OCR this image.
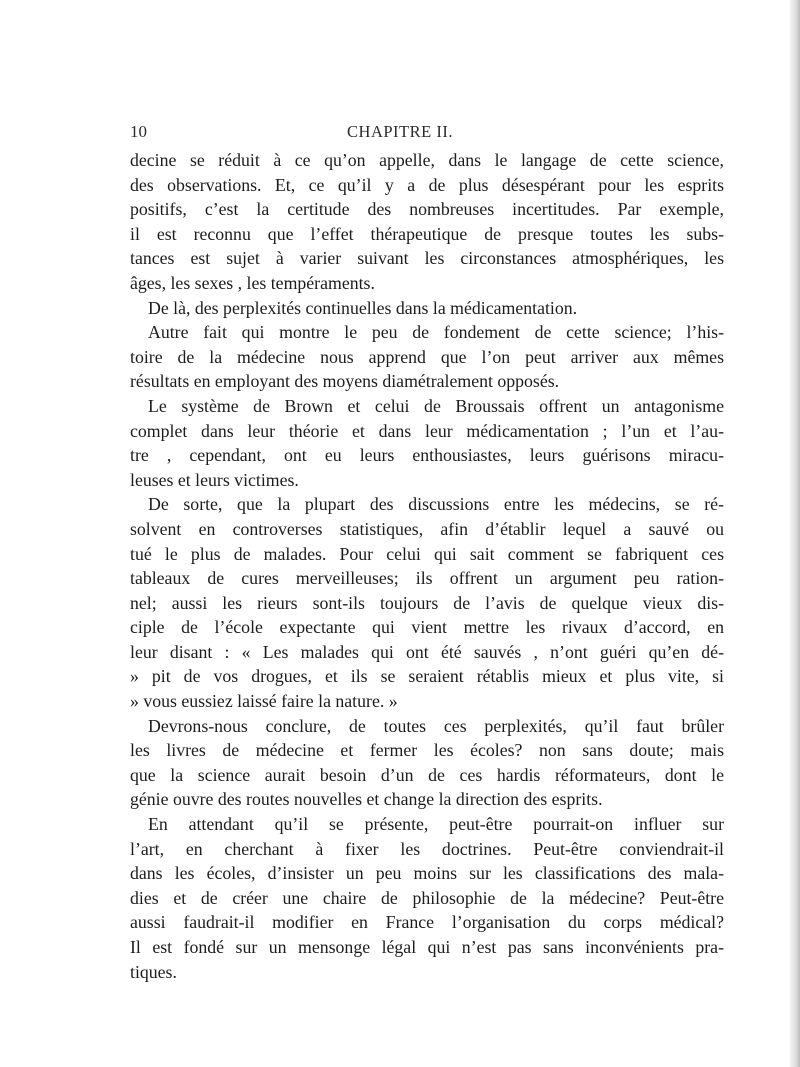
10	CHAPITRE II.
decine se réduit à ce qu’on appelle, dans le langage de cette science,
des observations. Et, ce qu’il y a de plus désespérant pour les esprits
positifs, c’est la certitude des nombreuses incertitudes. Par exemple,
il est reconnu que l’effet thérapeutique de presque toutes les subs-
tances est sujet à varier suivant les circonstances atmosphériques, les
âges, les sexes , les tempéraments.
De là, des perplexités continuelles dans la médicamentation.
Autre fait qui montre le peu de fondement de cette science; l’his-
toire de la médecine nous apprend que l’on peut arriver aux mêmes
résultats en employant des moyens diamétralement opposés.
Le système de Brown et celui de Broussais offrent un antagonisme
complet dans leur théorie et dans leur médicamentation ; l’un et l’au-
tre , cependant, ont eu leurs enthousiastes, leurs guérisons miracu-
leuses et leurs victimes.
De sorte, que la plupart des discussions entre les médecins, se ré-
solvent en controverses statistiques, afin d’établir lequel a sauvé ou
tué le plus de malades. Pour celui qui sait comment se fabriquent ces
tableaux de cures merveilleuses; ils offrent un argument peu ration-
nel; aussi les rieurs sont-ils toujours de l’avis de quelque vieux dis-
ciple de l’école expectante qui vient mettre les rivaux d’accord, en
leur disant : « Les malades qui ont été sauvés , n’ont guéri qu’en dé-
» pit de vos drogues, et ils se seraient rétablis mieux et plus vite, si
» vous eussiez laissé faire la nature. »
Devrons-nous conclure, de toutes ces perplexités, qu’il faut brûler
les livres de médecine et fermer les écoles? non sans doute; mais
que la science aurait besoin d’un de ces hardis réformateurs, dont le
génie ouvre des routes nouvelles et change la direction des esprits.
En attendant qu’il se présente, peut-être pourrait-on influer sur
l’art, en cherchant à fixer les doctrines. Peut-être conviendrait-il
dans les écoles, d’insister un peu moins sur les classifications des mala-
dies et de créer une chaire de philosophie de la médecine? Peut-être
aussi faudrait-il modifier en France l’organisation du corps médical?
Il est fondé sur un mensonge légal qui n’est pas sans inconvénients pra-
tiques.
